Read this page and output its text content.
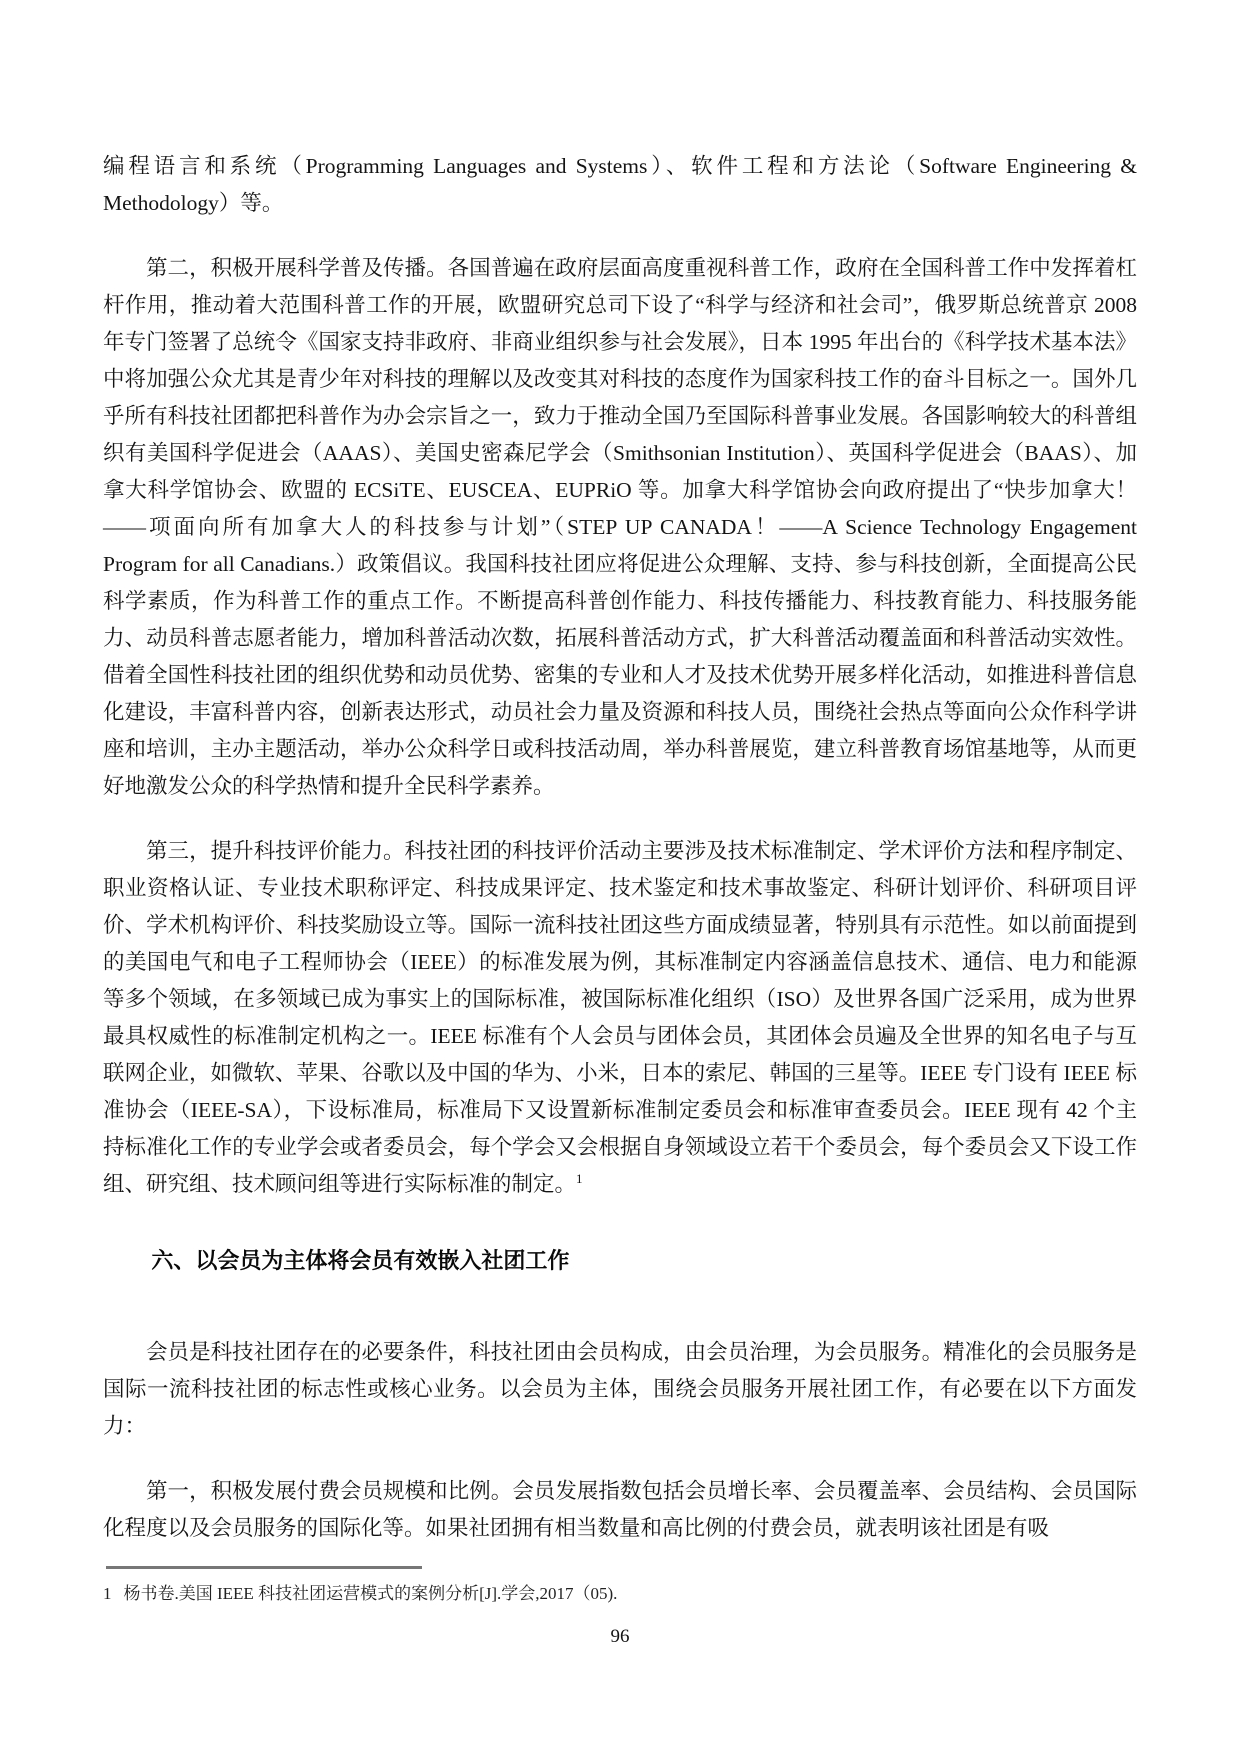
编程语言和系统（Programming Languages and Systems）、软件工程和方法论（Software Engineering & Methodology）等。

第二，积极开展科学普及传播。各国普遍在政府层面高度重视科普工作，政府在全国科普工作中发挥着杠杆作用，推动着大范围科普工作的开展，欧盟研究总司下设了“科学与经济和社会司”，俄罗斯总统普京 2008 年专门签署了总统令《国家支持非政府、非商业组织参与社会发展》，日本 1995 年出台的《科学技术基本法》中将加强公众尤其是青少年对科技的理解以及改变其对科技的态度作为国家科技工作的奋斗目标之一。国外几乎所有科技社团都把科普作为办会宗旨之一，致力于推动全国乃至国际科普事业发展。各国影响较大的科普组织有美国科学促进会（AAAS）、美国史密森尼学会（Smithsonian Institution）、英国科学促进会（BAAS）、加拿大科学馆协会、欧盟的 ECSiTE、EUSCEA、EUPRiO 等。加拿大科学馆协会向政府提出了“快步加拿大！——项面向所有加拿大人的科技参与计划”（STEP UP CANADA！——A Science Technology Engagement Program for all Canadians.）政策倡议。我国科技社团应将促进公众理解、支持、参与科技创新，全面提高公民科学素质，作为科普工作的重点工作。不断提高科普创作能力、科技传播能力、科技教育能力、科技服务能力、动员科普志愿者能力，增加科普活动次数，拓展科普活动方式，扩大科普活动覆盖面和科普活动实效性。借着全国性科技社团的组织优势和动员优势、密集的专业和人才及技术优势开展多样化活动，如推进科普信息化建设，丰富科普内容，创新表达形式，动员社会力量及资源和科技人员，围绕社会热点等面向公众作科学讲座和培训，主办主题活动，举办公众科学日或科技活动周，举办科普展览，建立科普教育场馆基地等，从而更好地激发公众的科学热情和提升全民科学素养。

第三，提升科技评价能力。科技社团的科技评价活动主要涉及技术标准制定、学术评价方法和程序制定、职业资格认证、专业技术职称评定、科技成果评定、技术鉴定和技术事故鉴定、科研计划评价、科研项目评价、学术机构评价、科技奖励设立等。国际一流科技社团这些方面成绩显著，特别具有示范性。如以前面提到的美国电气和电子工程师协会（IEEE）的标准发展为例，其标准制定内容涵盖信息技术、通信、电力和能源等多个领域，在多领域已成为事实上的国际标准，被国际标准化组织（ISO）及世界各国广泛采用，成为世界最具权威性的标准制定机构之一。IEEE 标准有个人会员与团体会员，其团体会员遍及全世界的知名电子与互联网企业，如微软、苹果、谷歌以及中国的华为、小米，日本的索尼、韩国的三星等。IEEE 专门设有 IEEE 标准协会（IEEE-SA），下设标准局，标准局下又设置新标准制定委员会和标准审查委员会。IEEE 现有 42 个主持标准化工作的专业学会或者委员会，每个学会又会根据自身领域设立若干个委员会，每个委员会又下设工作组、研究组、技术顾问组等进行实际标准的制定。$^1$

六、以会员为主体将会员有效嵌入社团工作

会员是科技社团存在的必要条件，科技社团由会员构成，由会员治理，为会员服务。精准化的会员服务是国际一流科技社团的标志性或核心业务。以会员为主体，围绕会员服务开展社团工作，有必要在以下方面发力：

第一，积极发展付费会员规模和比例。会员发展指数包括会员增长率、会员覆盖率、会员结构、会员国际化程度以及会员服务的国际化等。如果社团拥有相当数量和高比例的付费会员，就表明该社团是有吸

1 杨书卷.美国 IEEE 科技社团运营模式的案例分析[J].学会,2017（05).
96
